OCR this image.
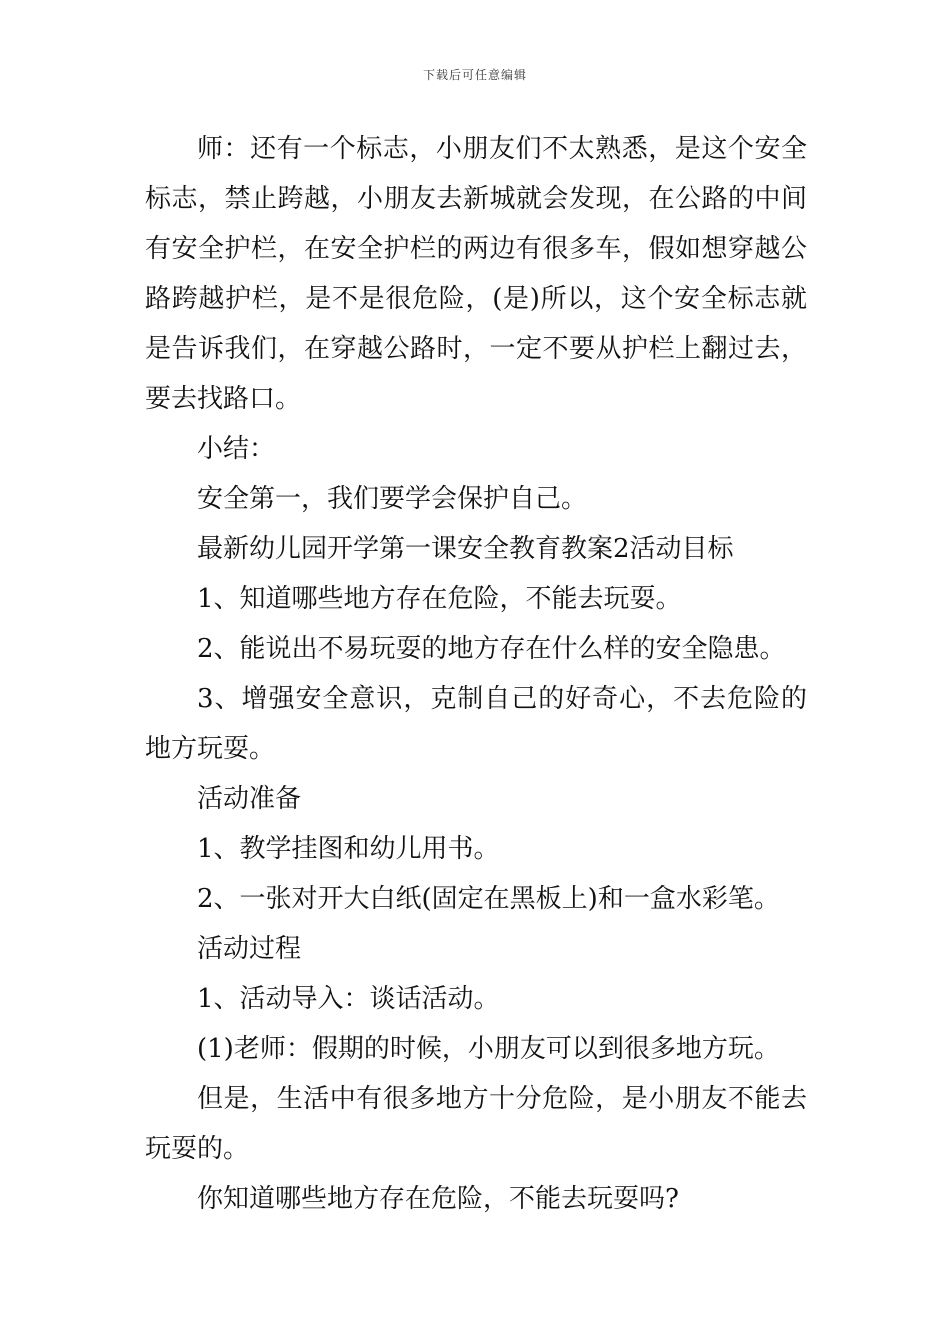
下载后可任意编辑

师：还有一个标志，小朋友们不太熟悉，是这个安全标志，禁止跨越，小朋友去新城就会发现，在公路的中间有安全护栏，在安全护栏的两边有很多车，假如想穿越公路跨越护栏，是不是很危险，(是)所以，这个安全标志就是告诉我们，在穿越公路时，一定不要从护栏上翻过去，要去找路口。

小结：

安全第一，我们要学会保护自己。

最新幼儿园开学第一课安全教育教案2活动目标

1、知道哪些地方存在危险，不能去玩耍。

2、能说出不易玩耍的地方存在什么样的安全隐患。

3、增强安全意识，克制自己的好奇心，不去危险的地方玩耍。

活动准备

1、教学挂图和幼儿用书。

2、一张对开大白纸(固定在黑板上)和一盒水彩笔。

活动过程

1、活动导入：谈话活动。

(1)老师：假期的时候，小朋友可以到很多地方玩。

但是，生活中有很多地方十分危险，是小朋友不能去玩耍的。

你知道哪些地方存在危险，不能去玩耍吗?
